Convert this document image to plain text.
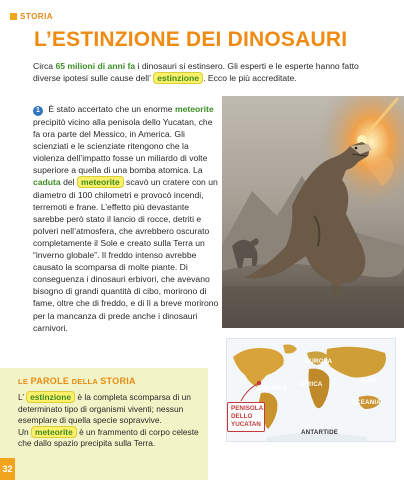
STORIA
L’ESTINZIONE DEI DINOSAURI

Circa 65 milioni di anni fa i dinosauri si estinsero. Gli esperti e le esperte hanno fatto diverse ipotesi sulle cause dell’ estinzione . Ecco le più accreditate.

1 È stato accertato che un enorme meteorite precipitò vicino alla penisola dello Yucatan, che fa ora parte del Messico, in America. Gli scienziati e le scienziate ritengono che la violenza dell’impatto fosse un miliardo di volte superiore a quella di una bomba atomica. La caduta del meteorite scavò un cratere con un diametro di 100 chilometri e provocò incendi, terremoti e frane. L’effetto più devastante sarebbe però stato il lancio di rocce, detriti e polveri nell’atmosfera, che avrebbero oscurato completamente il Sole e creato sulla Terra un “inverno globale”. Il freddo intenso avrebbe causato la scomparsa di molte piante. Di conseguenza i dinosauri erbivori, che avevano bisogno di grandi quantità di cibo, morirono di fame, oltre che di freddo, e di lì a breve morirono per la mancanza di prede anche i dinosauri carnivori.

LE PAROLE DELLA STORIA

L’ estinzione è la completa scomparsa di un determinato tipo di organismi viventi; nessun esemplare di quella specie sopravvive.
Un meteorite è un frammento di corpo celeste che dallo spazio precipita sulla Terra.

32
EUROPA
ASIA
AFRICA
AMERICA
OCEANIA
ANTARTIDE
PENISOLA DELLO YUCATAN
